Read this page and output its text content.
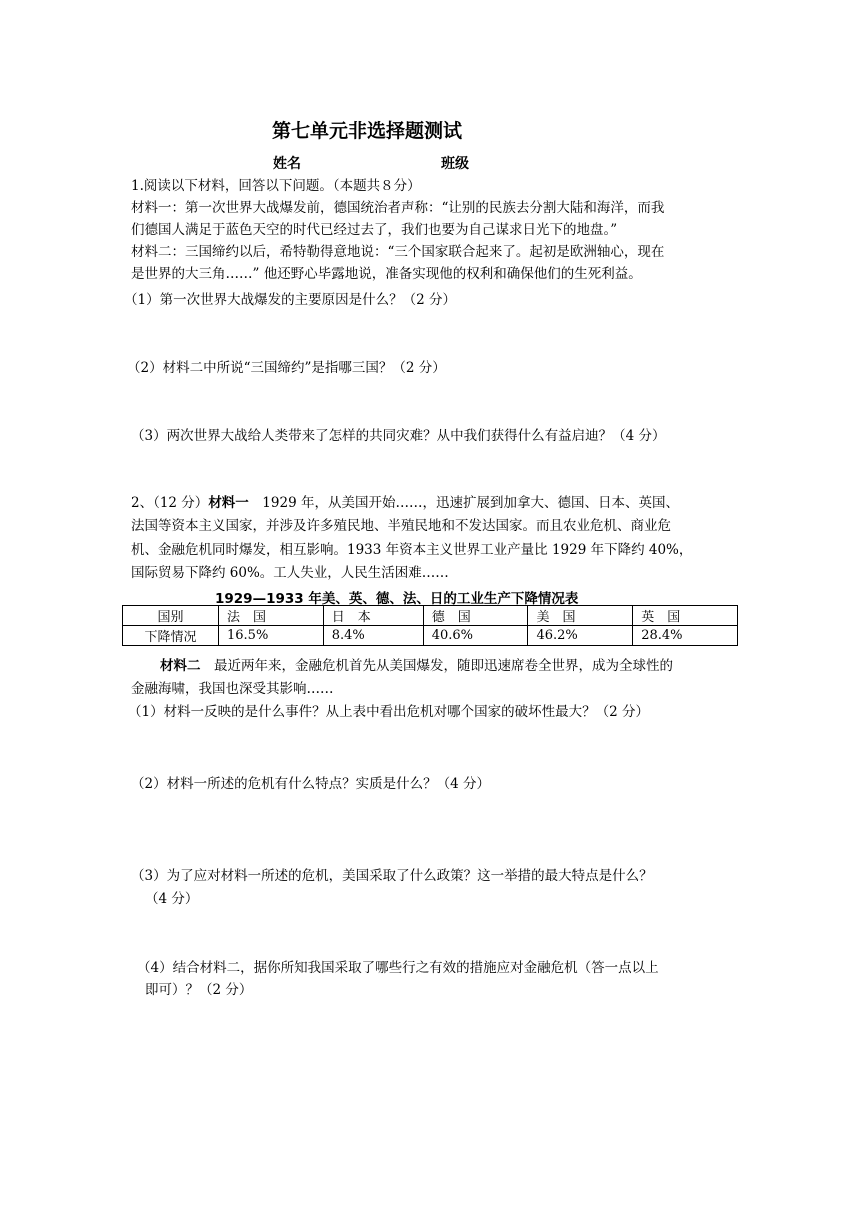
第七单元非选择题测试
姓名	班级
1.阅读以下材料，回答以下问题。（本题共８分）
材料一：第一次世界大战爆发前，德国统治者声称：“让别的民族去分割大陆和海洋，而我
们德国人满足于蓝色天空的时代已经过去了，我们也要为自己谋求日光下的地盘。”
材料二：三国缔约以后，希特勒得意地说：“三个国家联合起来了。起初是欧洲轴心，现在
是世界的大三角……” 他还野心毕露地说，准备实现他的权利和确保他们的生死利益。
（1）第一次世界大战爆发的主要原因是什么？（2 分）
（2）材料二中所说“三国缔约”是指哪三国？（2 分）
（3）两次世界大战给人类带来了怎样的共同灾难？从中我们获得什么有益启迪？（4 分）
2、（12 分）材料一　1929 年，从美国开始……，迅速扩展到加拿大、德国、日本、英国、
法国等资本主义国家，并涉及许多殖民地、半殖民地和不发达国家。而且农业危机、商业危
机、金融危机同时爆发，相互影响。1933 年资本主义世界工业产量比 1929 年下降约 40%，
国际贸易下降约 60%。工人失业，人民生活困难……
1929—1933 年美、英、德、法、日的工业生产下降情况表
国别	法　国	日　本	德　国	美　国	英　国
下降情况	16.5%	8.4%	40.6%	46.2%	28.4%
材料二　最近两年来，金融危机首先从美国爆发，随即迅速席卷全世界，成为全球性的
金融海啸，我国也深受其影响……
（1）材料一反映的是什么事件？从上表中看出危机对哪个国家的破坏性最大？（2 分）
（2）材料一所述的危机有什么特点？实质是什么？（4 分）
（3）为了应对材料一所述的危机，美国采取了什么政策？这一举措的最大特点是什么？
（4 分）
（4）结合材料二，据你所知我国采取了哪些行之有效的措施应对金融危机（答一点以上
即可）？（2 分）
